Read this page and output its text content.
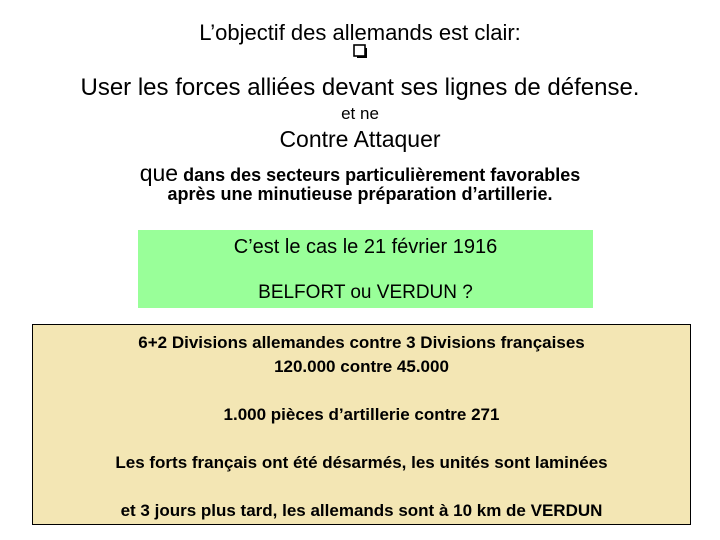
L’objectif des allemands est clair:
User les forces alliées devant ses lignes de défense.
et ne
Contre Attaquer
que dans des secteurs particulièrement favorables
après une minutieuse préparation d’artillerie.
C’est le cas le 21 février 1916
BELFORT ou VERDUN ?
6+2 Divisions allemandes contre 3 Divisions françaises
120.000 contre 45.000
1.000 pièces d’artillerie contre 271
Les forts français ont été désarmés, les unités sont laminées
et 3 jours plus tard, les allemands sont à 10 km de VERDUN
